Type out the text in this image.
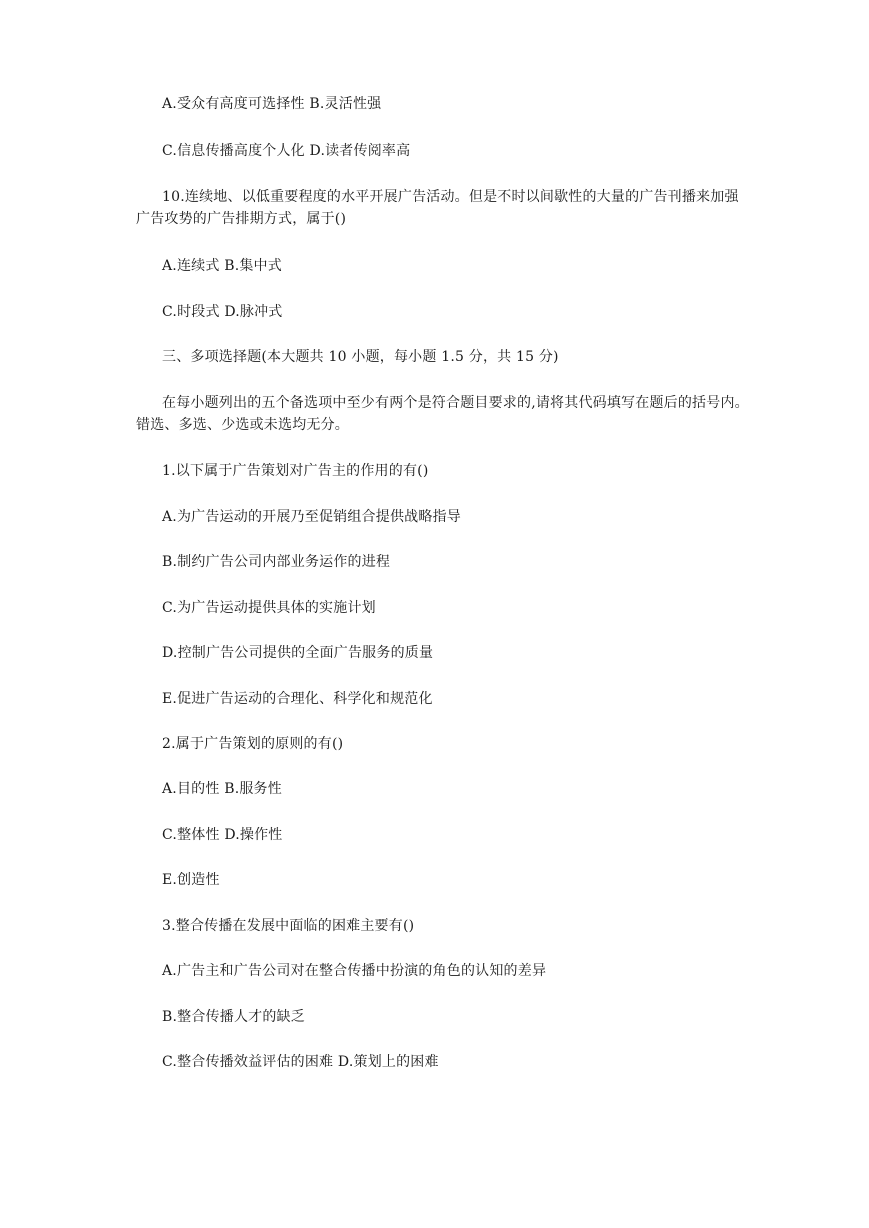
A.受众有高度可选择性 B.灵活性强

C.信息传播高度个人化 D.读者传阅率高

10.连续地、以低重要程度的水平开展广告活动。但是不时以间歇性的大量的广告刊播来加强广告攻势的广告排期方式，属于()

A.连续式 B.集中式

C.时段式 D.脉冲式

三、多项选择题(本大题共 10 小题，每小题 1.5 分，共 15 分)

在每小题列出的五个备选项中至少有两个是符合题目要求的,请将其代码填写在题后的括号内。错选、多选、少选或未选均无分。

1.以下属于广告策划对广告主的作用的有()

A.为广告运动的开展乃至促销组合提供战略指导

B.制约广告公司内部业务运作的进程

C.为广告运动提供具体的实施计划

D.控制广告公司提供的全面广告服务的质量

E.促进广告运动的合理化、科学化和规范化

2.属于广告策划的原则的有()

A.目的性 B.服务性

C.整体性 D.操作性

E.创造性

3.整合传播在发展中面临的困难主要有()

A.广告主和广告公司对在整合传播中扮演的角色的认知的差异

B.整合传播人才的缺乏

C.整合传播效益评估的困难 D.策划上的困难
